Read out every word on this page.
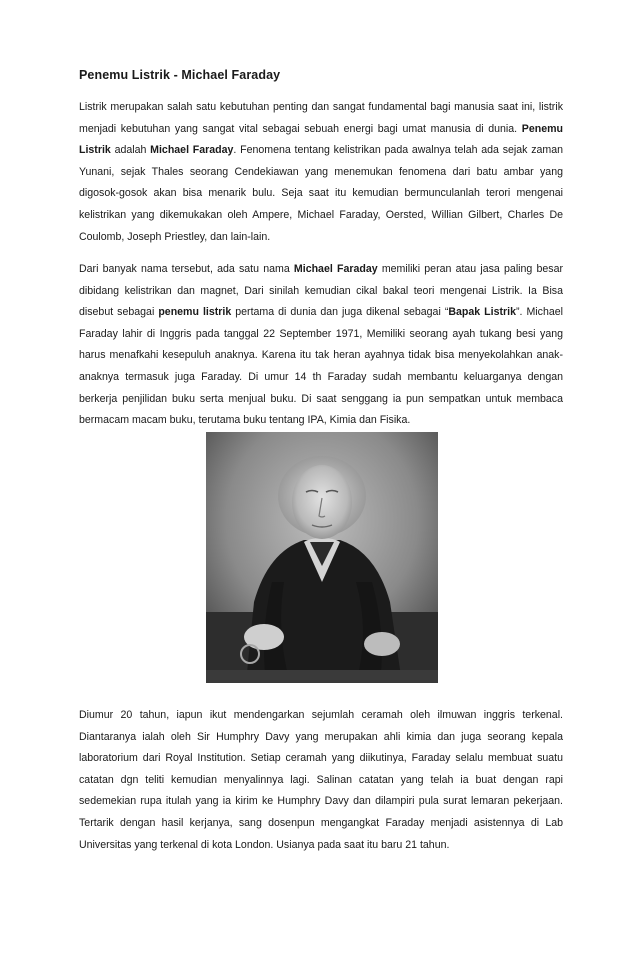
Penemu Listrik - Michael Faraday

Listrik merupakan salah satu kebutuhan penting dan sangat fundamental bagi manusia saat ini, listrik menjadi kebutuhan yang sangat vital sebagai sebuah energi bagi umat manusia di dunia. Penemu Listrik adalah Michael Faraday. Fenomena tentang kelistrikan pada awalnya telah ada sejak zaman Yunani, sejak Thales seorang Cendekiawan yang menemukan fenomena dari batu ambar yang digosok-gosok akan bisa menarik bulu. Seja saat itu kemudian bermunculanlah terori mengenai kelistrikan yang dikemukakan oleh Ampere, Michael Faraday, Oersted, Willian Gilbert, Charles De Coulomb, Joseph Priestley, dan lain-lain.

Dari banyak nama tersebut, ada satu nama Michael Faraday memiliki peran atau jasa paling besar dibidang kelistrikan dan magnet, Dari sinilah kemudian cikal bakal teori mengenai Listrik. Ia Bisa disebut sebagai penemu listrik pertama di dunia dan juga dikenal sebagai “Bapak Listrik”. Michael Faraday lahir di Inggris pada tanggal 22 September 1971, Memiliki seorang ayah tukang besi yang harus menafkahi kesepuluh anaknya. Karena itu tak heran ayahnya tidak bisa menyekolahkan anak-anaknya termasuk juga Faraday. Di umur 14 th Faraday sudah membantu keluarganya dengan berkerja penjilidan buku serta menjual buku. Di saat senggang ia pun sempatkan untuk membaca bermacam macam buku, terutama buku tentang IPA, Kimia dan Fisika.

Diumur 20 tahun, iapun ikut mendengarkan sejumlah ceramah oleh ilmuwan inggris terkenal. Diantaranya ialah oleh Sir Humphry Davy yang merupakan ahli kimia dan juga seorang kepala laboratorium dari Royal Institution. Setiap ceramah yang diikutinya, Faraday selalu membuat suatu catatan dgn teliti kemudian menyalinnya lagi. Salinan catatan yang telah ia buat dengan rapi sedemekian rupa itulah yang ia kirim ke Humphry Davy dan dilampiri pula surat lemaran pekerjaan. Tertarik dengan hasil kerjanya, sang dosenpun mengangkat Faraday menjadi asistennya di Lab Universitas yang terkenal di kota London. Usianya pada saat itu baru 21 tahun.
